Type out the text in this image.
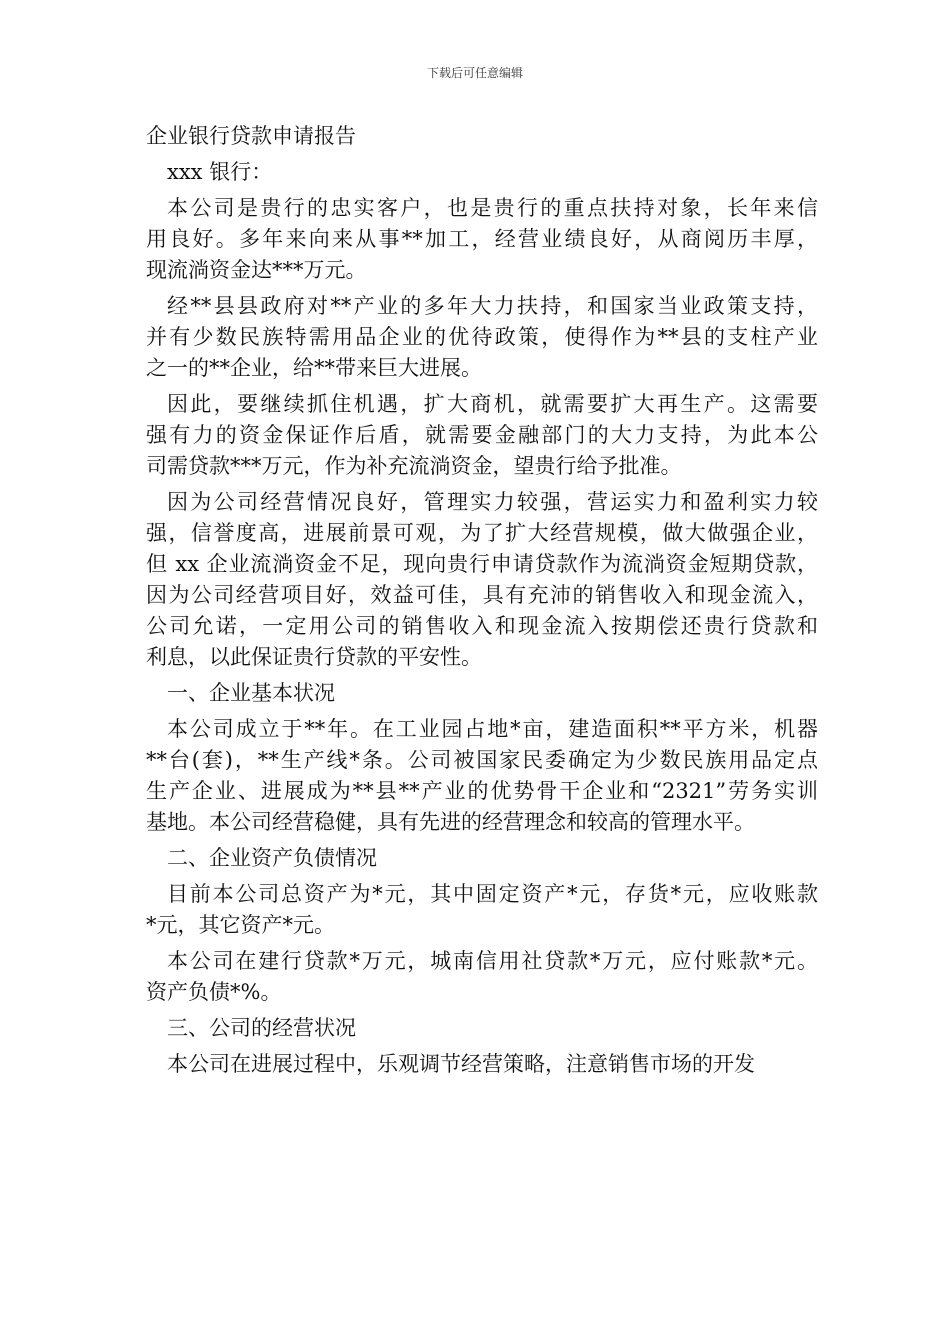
下载后可任意编辑
企业银行贷款申请报告
xxx 银行：
本公司是贵行的忠实客户，也是贵行的重点扶持对象，长年来信
用良好。多年来向来从事**加工，经营业绩良好，从商阅历丰厚，
现流淌资金达***万元。
经**县县政府对**产业的多年大力扶持，和国家当业政策支持，
并有少数民族特需用品企业的优待政策，使得作为**县的支柱产业
之一的**企业，给**带来巨大进展。
因此，要继续抓住机遇，扩大商机，就需要扩大再生产。这需要
强有力的资金保证作后盾，就需要金融部门的大力支持，为此本公
司需贷款***万元，作为补充流淌资金，望贵行给予批准。
因为公司经营情况良好，管理实力较强，营运实力和盈利实力较
强，信誉度高，进展前景可观，为了扩大经营规模，做大做强企业，
但 xx 企业流淌资金不足，现向贵行申请贷款作为流淌资金短期贷款，
因为公司经营项目好，效益可佳，具有充沛的销售收入和现金流入，
公司允诺，一定用公司的销售收入和现金流入按期偿还贵行贷款和
利息，以此保证贵行贷款的平安性。
一、企业基本状况
本公司成立于**年。在工业园占地*亩，建造面积**平方米，机器
**台(套)，**生产线*条。公司被国家民委确定为少数民族用品定点
生产企业、进展成为**县**产业的优势骨干企业和“2321”劳务实训
基地。本公司经营稳健，具有先进的经营理念和较高的管理水平。
二、企业资产负债情况
目前本公司总资产为*元，其中固定资产*元，存货*元，应收账款
*元，其它资产*元。
本公司在建行贷款*万元，城南信用社贷款*万元，应付账款*元。
资产负债*%。
三、公司的经营状况
本公司在进展过程中，乐观调节经营策略，注意销售市场的开发
